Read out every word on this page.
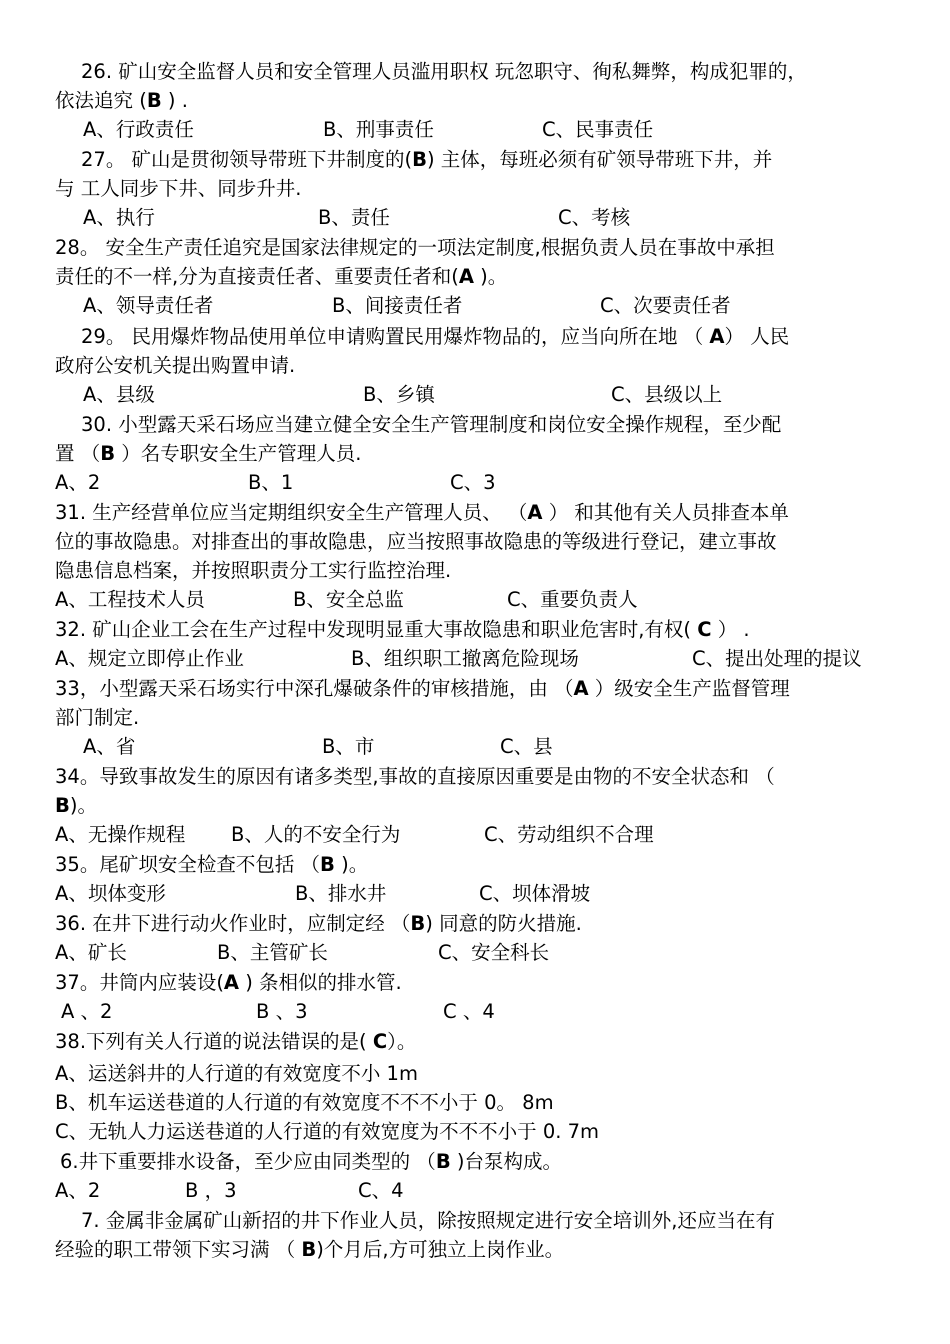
26. 矿山安全监督人员和安全管理人员滥用职权 玩忽职守、徇私舞弊，构成犯罪的，
依法追究 (B ) .
A、行政责任	B、刑事责任	C、民事责任
27。 矿山是贯彻领导带班下井制度的(B) 主体，每班必须有矿领导带班下井，并
与 工人同步下井、同步升井.
A、执行	B、责任	C、考核
28。 安全生产责任追究是国家法律规定的一项法定制度,根据负责人员在事故中承担
责任的不一样,分为直接责任者、重要责任者和(A )。
A、领导责任者	B、间接责任者	C、次要责任者
29。 民用爆炸物品使用单位申请购置民用爆炸物品的，应当向所在地 （ A） 人民
政府公安机关提出购置申请.
A、县级	B、乡镇	C、县级以上
30. 小型露天采石场应当建立健全安全生产管理制度和岗位安全操作规程，至少配
置 （B ）名专职安全生产管理人员.
A、2	B、1	C、3
31. 生产经营单位应当定期组织安全生产管理人员、 （A ） 和其他有关人员排查本单
位的事故隐患。对排查出的事故隐患，应当按照事故隐患的等级进行登记，建立事故
隐患信息档案，并按照职责分工实行监控治理.
A、工程技术人员	B、安全总监	C、重要负责人
32. 矿山企业工会在生产过程中发现明显重大事故隐患和职业危害时,有权( C ） .
A、规定立即停止作业	B、组织职工撤离危险现场	C、提出处理的提议
33，小型露天采石场实行中深孔爆破条件的审核措施，由 （A ）级安全生产监督管理
部门制定.
A、省	B、市	C、县
34。导致事故发生的原因有诸多类型,事故的直接原因重要是由物的不安全状态和 （
B)。
A、无操作规程 B、人的不安全行为	C、劳动组织不合理
35。尾矿坝安全检查不包括 （B )。
A、坝体变形	B、排水井	C、坝体滑坡
36. 在井下进行动火作业时，应制定经 （B) 同意的防火措施.
A、矿长	B、主管矿长	C、安全科长
37。井筒内应装设(A ) 条相似的排水管.
A 、2	B 、3	C 、4
38.下列有关人行道的说法错误的是( C）。
A、运送斜井的人行道的有效宽度不小 1m
B、机车运送巷道的人行道的有效宽度不不不小于 0。 8m
C、无轨人力运送巷道的人行道的有效宽度为不不不小于 0. 7m
6.井下重要排水设备，至少应由同类型的 （B )台泵构成。
A、2	B ，3	C、4
7. 金属非金属矿山新招的井下作业人员，除按照规定进行安全培训外,还应当在有
经验的职工带领下实习满 （ B)个月后,方可独立上岗作业。
